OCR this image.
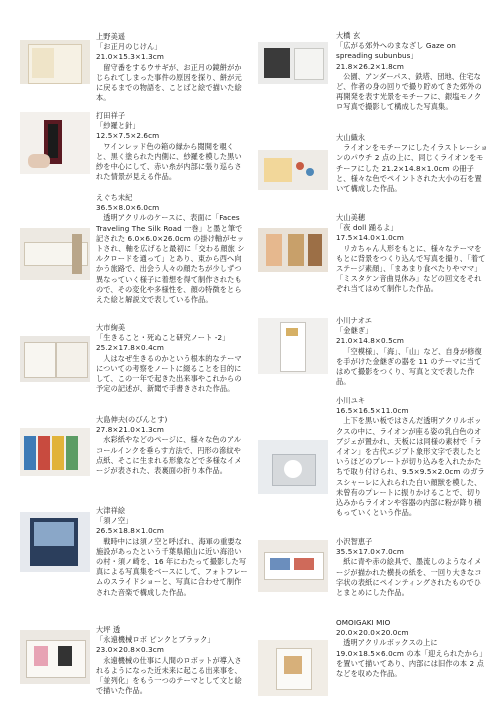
上野美遥
「お正月のじけん」
21.0×15.3×1.3cm
留守番をするウサギが、お正月の鏡餅がかじられてしまった事件の原因を探り、餅が元に戻るまでの物語を、ことばと絵で描いた絵本。
打田祥子
「紗羅と針」
12.5×7.5×2.6cm
ワインレッド色の箱の縁から閲開を覗くと、黒く塗られた内側に、紗羅を模した黒い紗を中心にして、赤い糸が内部に張り巡らされた情景が見える作品。
えぐち未紀
36.5×8.0×6.0cm
透明アクリルのケースに、表面に「Faces Traveling The Silk Road 一巻」と墨と筆で記された 6.0×6.0×26.0cm の掛け軸がセットされ、軸を広げると最初に「交わる顔旅 シルクロードを通って」とあり、東から西へ向かう旅路で、出会う人々の顔たちが少しずつ異なっていく様子に着想を得て制作されたもので、その変化や多様性を、顔の特徴をとらえた絵と解説文で表している作品。
大市絢美
「生きること・死ぬこと研究ノート -2」
25.2×17.8×0.4cm
人はなぜ生きるのかという根本的なテーマについての考察をノートに綴ることを目的にして、この一年で起きた出来事やこれからの予定の記述が、新聞で手書きされた作品。
大島伸夫(のびんとす)
27.8×21.0×1.3cm
水彩紙やなどのページに、様々な色のアルコールインクを垂らす方法で、円形の滲紋や点紙、そこに生まれる形象などで多様なイメージが表された、表裏面の折り本作品。
大津祥絵
「須ノ空」
26.5×18.8×1.0cm
戦時中には須ノ空と呼ばれ、海軍の重要な施設があったという千葉県館山に近い海沿いの村・須ノ崎を、16 年にわたって撮影した写真による写真集をベースにして、フォトフレームのスライドショーと、写真に合わせて制作された音楽で構成した作品。
大坪 透
「永遠機械ロボ ピンクとブラック」
23.0×20.8×0.3cm
永遠機械の仕事に人間のロボットが導入されるようになった近未来に起こる出来事を、「並列化」をもう一つのテーマとして文と絵で描いた作品。
大橋 玄
「広がる郊外へのまなざし Gaze on spreading subunbus」
21.8×26.2×1.8cm
公園、アンダーパス、鉄塔、団地、住宅など、作者の身の回りで撮り貯めてきた郊外の再開発を表す光景をモチーフに、銀塩モノクロ写真で撮影して構成した写真集。
大山織永
ライオンをモチーフにしたイラストレーションのパウチ 2 点の上に、同じくライオンをモチーフにした 21.2×14.8×1.0cm の冊子と、様々な色でペイントされた大小の石を置いて構成した作品。
大山美穂
「夜 doll 踊るよ」
17.5×14.0×1.0cm
リカちゃん人形をもとに、様々なテーマをもとに背景をつくり込んで写真を撮り、「着てステージ素顔」、「まあまり食べたりやママ」「ミスタケン音曲見休み」などの回文をそれぞれ当てはめて制作した作品。
小川ナオエ
「金継ぎ」
21.0×14.8×0.5cm
「空模様」、「海」、「山」など、自身が修復を手がけた金継ぎの器を 11 のテーマに当てはめて撮影をつくり、写真と文で表した作品。
小川ユキ
16.5×16.5×11.0cm
上下を黒い板ではさんだ透明アクリルボックスの中に、ライオンが座る姿の乳白色のオブジェが置かれ、天板には同様の素材で「ライオン」を古代エジプト象形文字で表したというほどのプレートが切り込みを入れたかたちで取り付けられ、9.5×9.5×2.0cm のガラスシャーレに入れられた白い顔獣を模した、未曾有のプレートに振りかけることで、切り込みからライオンや容器の内部に粉が降り積もっていくという作品。
小沢智恵子
35.5×17.0×7.0cm
紙に青や赤の絵具で、墨流しのようなイメージが描かれた横長の紙を、一回り大きなコ字状の表紙にペインティングされたものでひとまとめにした作品。
OMOIGAKI MIO
20.0×20.0×20.0cm
透明アクリルボックスの上に 19.0×18.5×6.0cm の本「迎えられたから」を置いて描いてあり、内部には旧作の本 2 点などを収めた作品。
